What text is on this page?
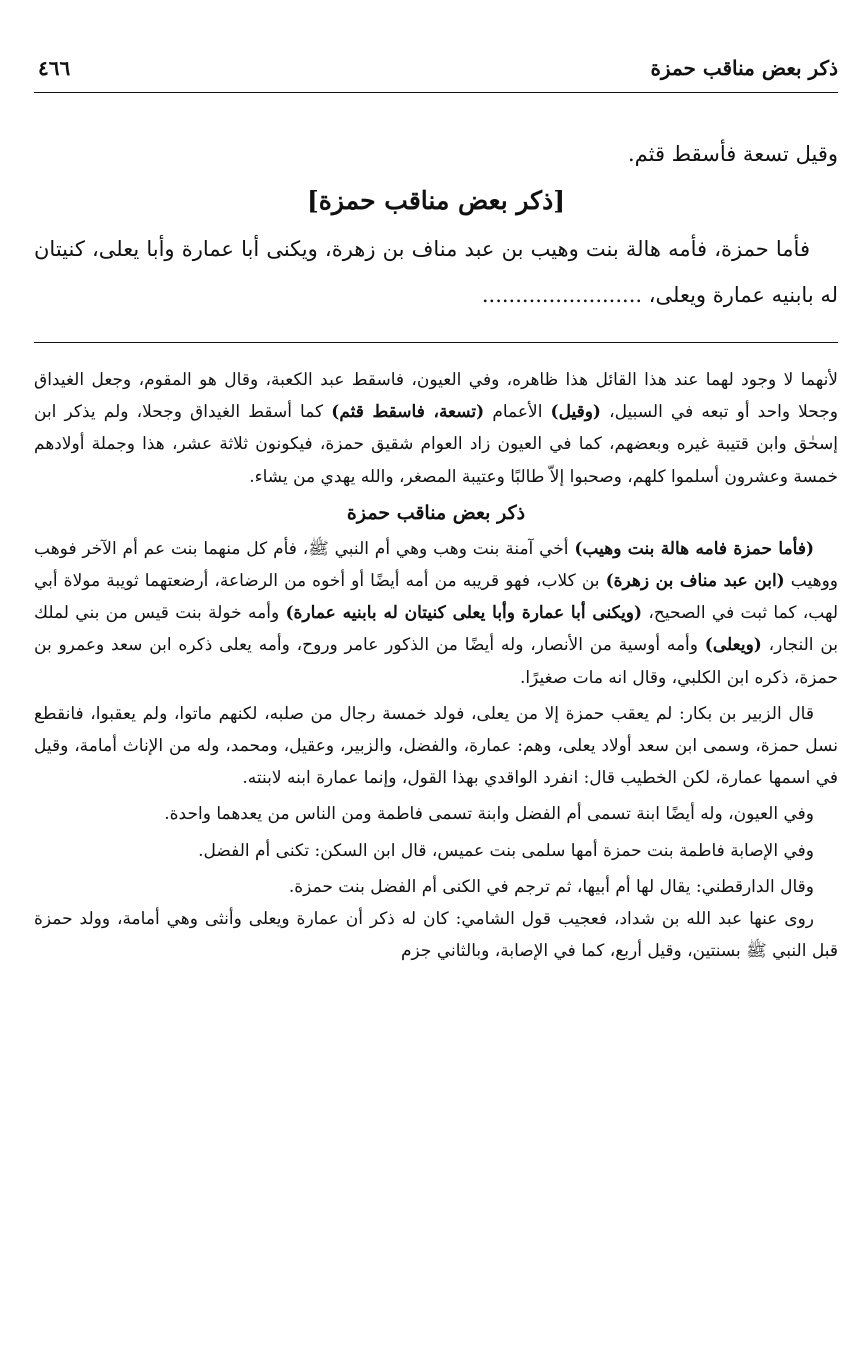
ذكر بعض مناقب حمزة
٤٦٦

وقيل تسعة فأسقط قثم.

[ذكر بعض مناقب حمزة]

فأما حمزة، فأمه هالة بنت وهيب بن عبد مناف بن زهرة، ويكنى أبا عمارة وأبا يعلى، كنيتان له بابنيه عمارة ويعلى، ........................

لأنهما لا وجود لهما عند هذا القائل هذا ظاهره، وفي العيون، فاسقط عبد الكعبة، وقال هو المقوم، وجعل الغيداق وجحلا واحد أو تبعه في السبيل، (وقيل) الأعمام (تسعة، فاسقط قثم) كما أسقط الغيداق وجحلا، ولم يذكر ابن إسحٰق وابن قتيبة غيره وبعضهم، كما في العيون زاد العوام شقيق حمزة، فيكونون ثلاثة عشر، هذا وجملة أولادهم خمسة وعشرون أسلموا كلهم، وصحبوا إلاّ طالبًا وعتيبة المصغر، والله يهدي من يشاء.

ذكر بعض مناقب حمزة

(فأما حمزة فامه هالة بنت وهيب) أخي آمنة بنت وهب وهي أم النبي ﷺ، فأم كل منهما بنت عم أم الآخر فوهب ووهيب (ابن عبد مناف بن زهرة) بن كلاب، فهو قريبه من أمه أيضًا أو أخوه من الرضاعة، أرضعتهما ثويبة مولاة أبي لهب، كما ثبت في الصحيح، (ويكنى أبا عمارة وأبا يعلى كنيتان له بابنيه عمارة) وأمه خولة بنت قيس من بني لملك بن النجار، (ويعلى) وأمه أوسية من الأنصار، وله أيضًا من الذكور عامر وروح، وأمه يعلى ذكره ابن سعد وعمرو بن حمزة، ذكره ابن الكلبي، وقال انه مات صغيرًا.

قال الزبير بن بكار: لم يعقب حمزة إلا من يعلى، فولد خمسة رجال من صلبه، لكنهم ماتوا، ولم يعقبوا، فانقطع نسل حمزة، وسمى ابن سعد أولاد يعلى، وهم: عمارة، والفضل، والزبير، وعقيل، ومحمد، وله من الإناث أمامة، وقيل في اسمها عمارة، لكن الخطيب قال: انفرد الواقدي بهذا القول، وإنما عمارة ابنه لابنته.

وفي العيون، وله أيضًا ابنة تسمى أم الفضل وابنة تسمى فاطمة ومن الناس من يعدهما واحدة.

وفي الإصابة فاطمة بنت حمزة أمها سلمى بنت عميس، قال ابن السكن: تكنى أم الفضل.

وقال الدارقطني: يقال لها أم أبيها، ثم ترجم في الكنى أم الفضل بنت حمزة.

روى عنها عبد الله بن شداد، فعجيب قول الشامي: كان له ذكر أن عمارة ويعلى وأنثى وهي أمامة، وولد حمزة قبل النبي ﷺ بسنتين، وقيل أربع، كما في الإصابة، وبالثاني جزم
